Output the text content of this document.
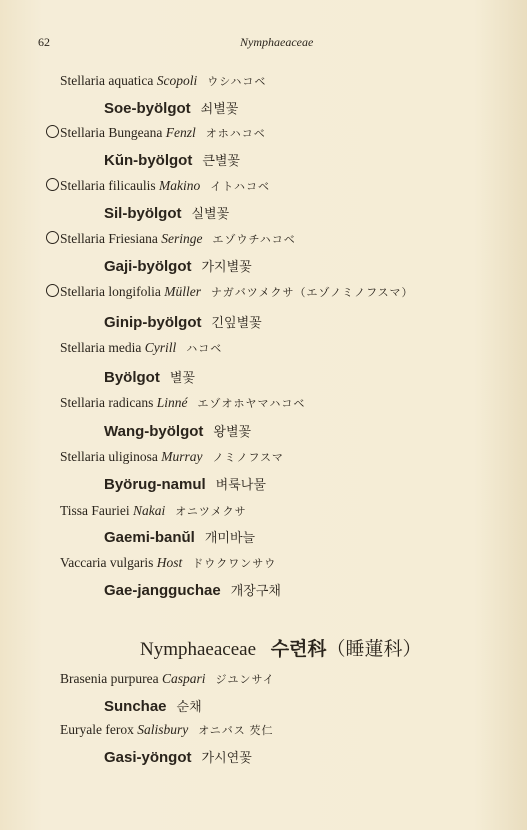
62	Nymphaeaceae
Stellaria aquatica Scopoli ウシハコベ
Soe-byölgot 쇠별꽃
Stellaria Bungeana Fenzl オホハコベ
Kŭn-byölgot 큰별꽃
Stellaria filicaulis Makino イトハコベ
Sil-byölgot 실별꽃
Stellaria Friesiana Seringe エゾウチハコベ
Gaji-byölgot 가지별꽃
Stellaria longifolia Müller ナガバツメクサ（エゾノミノフスマ）
Ginip-byölgot 긴잎별꽃
Stellaria media Cyrill ハコベ
Byölgot 별꽃
Stellaria radicans Linné エゾオホヤマハコベ
Wang-byölgot 왕별꽃
Stellaria uliginosa Murray ノミノフスマ
Byörug-namul 벼룩나물
Tissa Fauriei Nakai オニツメクサ
Gaemi-banŭl 개미바늘
Vaccaria vulgaris Host ドウクワンサウ
Gae-jangguchae 개장구채
Brasenia purpurea Caspari ジユンサイ
Sunchae 순채
Euryale ferox Salisbury オニバス 芡仁
Gasi-yöngot 가시연꽃
Nymphaeaceae 수련科（睡蓮科）
